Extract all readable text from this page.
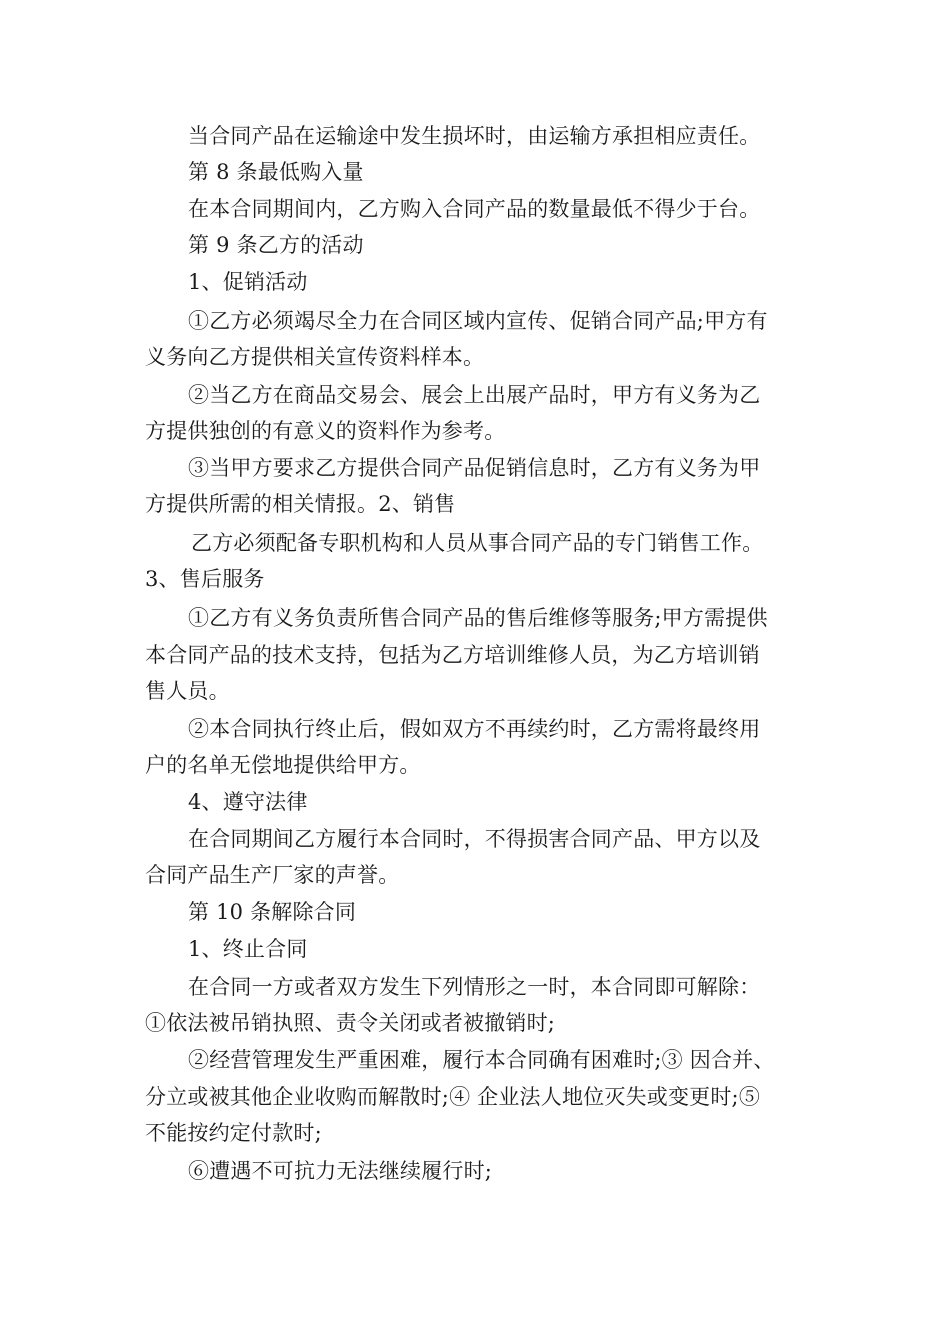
当合同产品在运输途中发生损坏时，由运输方承担相应责任。
第 8 条最低购入量
在本合同期间内，乙方购入合同产品的数量最低不得少于台。
第 9 条乙方的活动
1、促销活动
①乙方必须竭尽全力在合同区域内宣传、促销合同产品;甲方有
义务向乙方提供相关宣传资料样本。
②当乙方在商品交易会、展会上出展产品时，甲方有义务为乙
方提供独创的有意义的资料作为参考。
③当甲方要求乙方提供合同产品促销信息时，乙方有义务为甲
方提供所需的相关情报。2、销售
乙方必须配备专职机构和人员从事合同产品的专门销售工作。
3、售后服务
①乙方有义务负责所售合同产品的售后维修等服务;甲方需提供
本合同产品的技术支持，包括为乙方培训维修人员，为乙方培训销
售人员。
②本合同执行终止后，假如双方不再续约时，乙方需将最终用
户的名单无偿地提供给甲方。
4、遵守法律
在合同期间乙方履行本合同时，不得损害合同产品、甲方以及
合同产品生产厂家的声誉。
第 10 条解除合同
1、终止合同
在合同一方或者双方发生下列情形之一时，本合同即可解除：
①依法被吊销执照、责令关闭或者被撤销时;
②经营管理发生严重困难，履行本合同确有困难时;③ 因合并、
分立或被其他企业收购而解散时;④ 企业法人地位灭失或变更时;⑤
不能按约定付款时;
⑥遭遇不可抗力无法继续履行时;
